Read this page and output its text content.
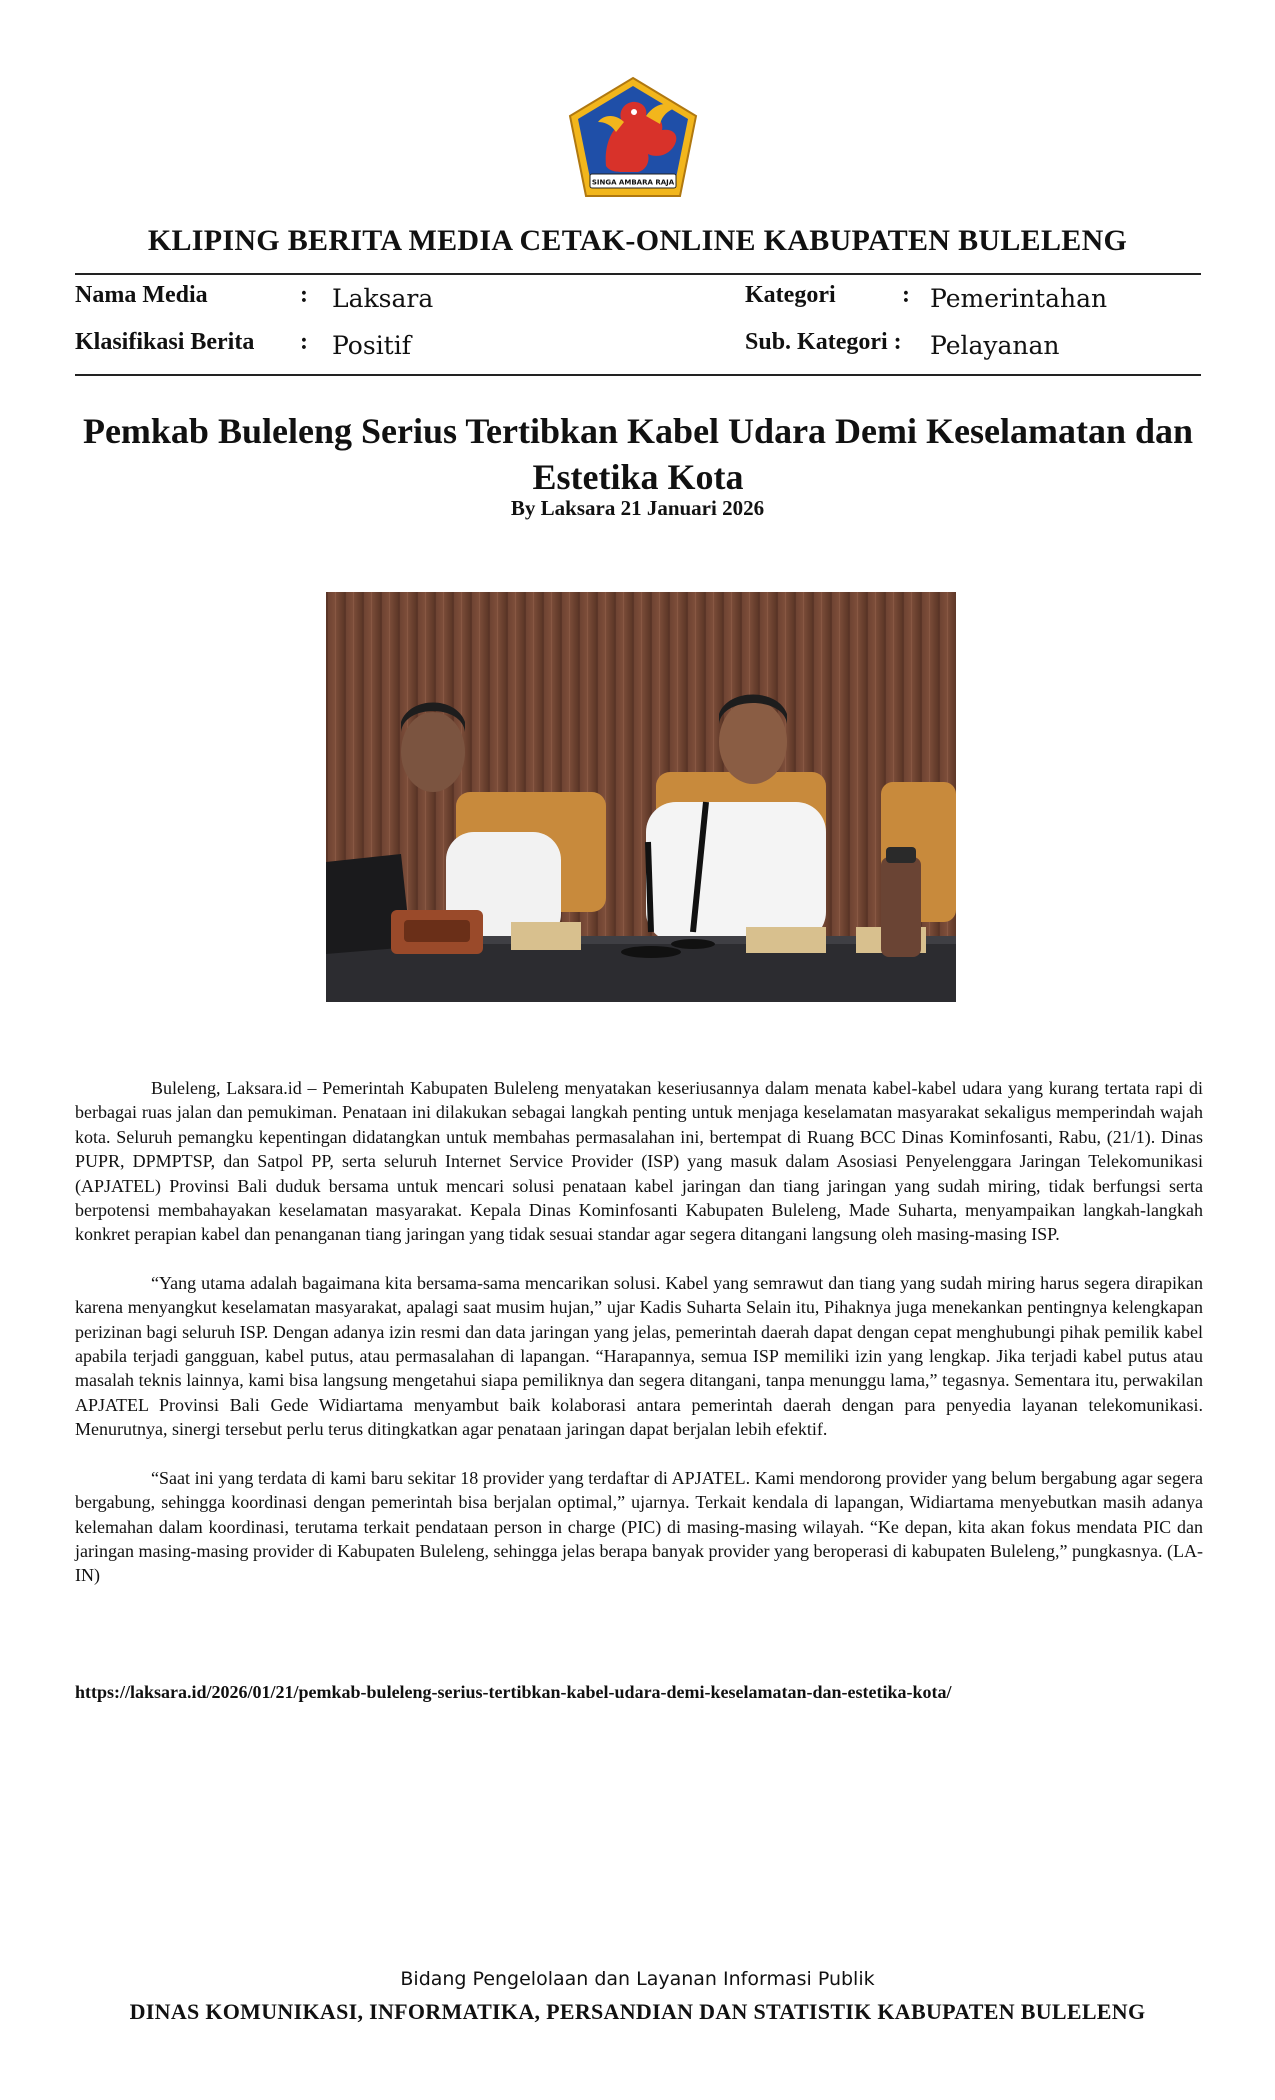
SINGA AMBARA RAJA
KLIPING BERITA MEDIA CETAK-ONLINE KABUPATEN BULELENG
Nama Media	: Laksara
Klasifikasi Berita : Positif
Kategori	: Pemerintahan
Sub. Kategori : Pelayanan
Pemkab Buleleng Serius Tertibkan Kabel Udara Demi Keselamatan dan Estetika Kota
By Laksara 21 Januari 2026

Buleleng, Laksara.id – Pemerintah Kabupaten Buleleng menyatakan keseriusannya dalam menata kabel-kabel udara yang kurang tertata rapi di berbagai ruas jalan dan pemukiman. Penataan ini dilakukan sebagai langkah penting untuk menjaga keselamatan masyarakat sekaligus memperindah wajah kota. Seluruh pemangku kepentingan didatangkan untuk membahas permasalahan ini, bertempat di Ruang BCC Dinas Kominfosanti, Rabu, (21/1). Dinas PUPR, DPMPTSP, dan Satpol PP, serta seluruh Internet Service Provider (ISP) yang masuk dalam Asosiasi Penyelenggara Jaringan Telekomunikasi (APJATEL) Provinsi Bali duduk bersama untuk mencari solusi penataan kabel jaringan dan tiang jaringan yang sudah miring, tidak berfungsi serta berpotensi membahayakan keselamatan masyarakat. Kepala Dinas Kominfosanti Kabupaten Buleleng, Made Suharta, menyampaikan langkah-langkah konkret perapian kabel dan penanganan tiang jaringan yang tidak sesuai standar agar segera ditangani langsung oleh masing-masing ISP.

“Yang utama adalah bagaimana kita bersama-sama mencarikan solusi. Kabel yang semrawut dan tiang yang sudah miring harus segera dirapikan karena menyangkut keselamatan masyarakat, apalagi saat musim hujan,” ujar Kadis Suharta Selain itu, Pihaknya juga menekankan pentingnya kelengkapan perizinan bagi seluruh ISP. Dengan adanya izin resmi dan data jaringan yang jelas, pemerintah daerah dapat dengan cepat menghubungi pihak pemilik kabel apabila terjadi gangguan, kabel putus, atau permasalahan di lapangan. “Harapannya, semua ISP memiliki izin yang lengkap. Jika terjadi kabel putus atau masalah teknis lainnya, kami bisa langsung mengetahui siapa pemiliknya dan segera ditangani, tanpa menunggu lama,” tegasnya. Sementara itu, perwakilan APJATEL Provinsi Bali Gede Widiartama menyambut baik kolaborasi antara pemerintah daerah dengan para penyedia layanan telekomunikasi. Menurutnya, sinergi tersebut perlu terus ditingkatkan agar penataan jaringan dapat berjalan lebih efektif.

“Saat ini yang terdata di kami baru sekitar 18 provider yang terdaftar di APJATEL. Kami mendorong provider yang belum bergabung agar segera bergabung, sehingga koordinasi dengan pemerintah bisa berjalan optimal,” ujarnya. Terkait kendala di lapangan, Widiartama menyebutkan masih adanya kelemahan dalam koordinasi, terutama terkait pendataan person in charge (PIC) di masing-masing wilayah. “Ke depan, kita akan fokus mendata PIC dan jaringan masing-masing provider di Kabupaten Buleleng, sehingga jelas berapa banyak provider yang beroperasi di kabupaten Buleleng,” pungkasnya. (LA-IN)

https://laksara.id/2026/01/21/pemkab-buleleng-serius-tertibkan-kabel-udara-demi-keselamatan-dan-estetika-kota/
Bidang Pengelolaan dan Layanan Informasi Publik
DINAS KOMUNIKASI, INFORMATIKA, PERSANDIAN DAN STATISTIK KABUPATEN BULELENG
